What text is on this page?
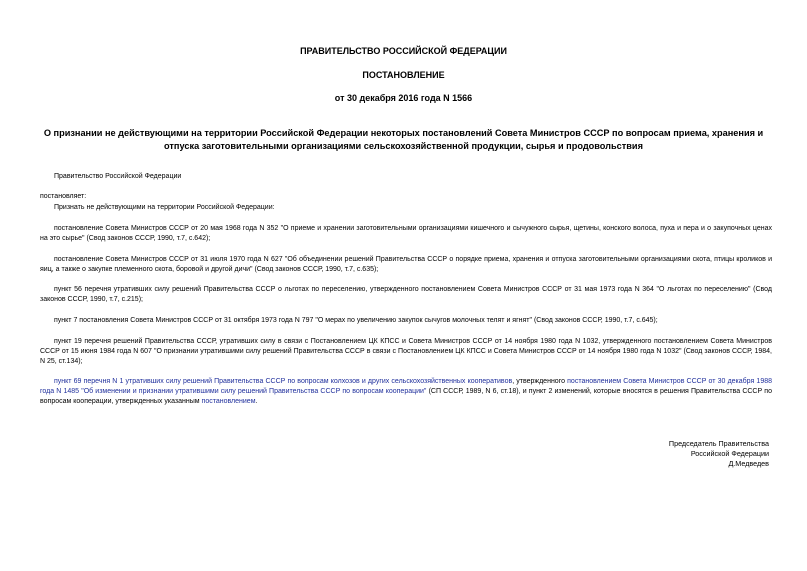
ПРАВИТЕЛЬСТВО РОССИЙСКОЙ ФЕДЕРАЦИИ
ПОСТАНОВЛЕНИЕ
от 30 декабря 2016 года N 1566
О признании не действующими на территории Российской Федерации некоторых постановлений Совета Министров СССР по вопросам приема, хранения и
отпуска заготовительными организациями сельскохозяйственной продукции, сырья и продовольствия
Правительство Российской Федерации
постановляет:
Признать не действующими на территории Российской Федерации:
постановление Совета Министров СССР от 20 мая 1968 года N 352 "О приеме и хранении заготовительными организациями кишечного и сычужного сырья, щетины, конского волоса, пуха и пера и о закупочных ценах на это сырье" (Свод законов СССР, 1990, т.7, с.642);
постановление Совета Министров СССР от 31 июля 1970 года N 627 "Об объединении решений Правительства СССР о порядке приема, хранения и отпуска заготовительными организациями скота, птицы кроликов и яиц, а также о закупке племенного скота, боровой и другой дичи" (Свод законов СССР, 1990, т.7, с.635);
пункт 56 перечня утративших силу решений Правительства СССР о льготах по переселению, утвержденного постановлением Совета Министров СССР от 31 мая 1973 года N 364 "О льготах по переселению" (Свод законов СССР, 1990, т.7, с.215);
пункт 7 постановления Совета Министров СССР от 31 октября 1973 года N 797 "О мерах по увеличению закупок сычугов молочных телят и ягнят" (Свод законов СССР, 1990, т.7, с.645);
пункт 19 перечня решений Правительства СССР, утративших силу в связи с Постановлением ЦК КПСС и Совета Министров СССР от 14 ноября 1980 года N 1032, утвержденного постановлением Совета Министров СССР от 15 июня 1984 года N 607 "О признании утратившими силу решений Правительства СССР в связи с Постановлением ЦК КПСС и Совета Министров СССР от 14 ноября 1980 года N 1032" (Свод законов СССР, 1984, N 25, ст.134);
пункт 69 перечня N 1 утративших силу решений Правительства СССР по вопросам колхозов и других сельскохозяйственных кооперативов, утвержденного постановлением Совета Министров СССР от 30 декабря 1988 года N 1485 "Об изменении и признании утратившими силу решений Правительства СССР по вопросам кооперации" (СП СССР, 1989, N 6, ст.18), и пункт 2 изменений, которые вносятся в решения Правительства СССР по вопросам кооперации, утвержденных указанным постановлением.
Председатель Правительства
Российской Федерации
Д.Медведев
